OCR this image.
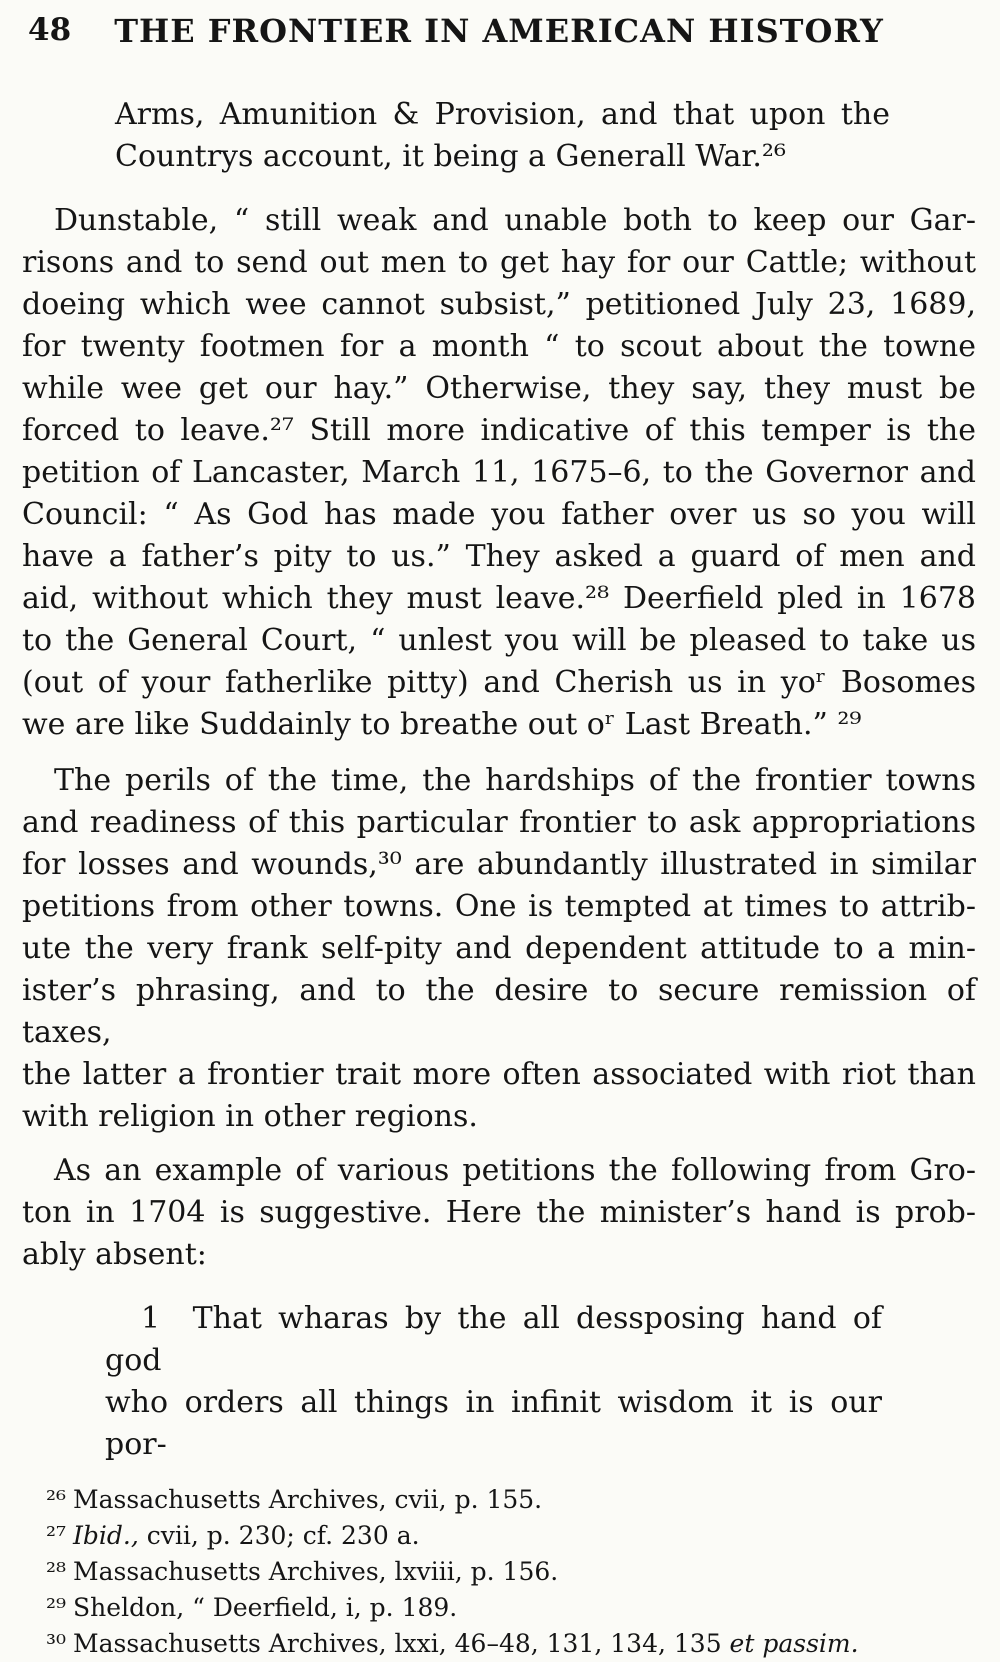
48	THE FRONTIER IN AMERICAN HISTORY
Arms, Amunition & Provision, and that upon the
Countrys account, it being a Generall War.²⁶

Dunstable, “ still weak and unable both to keep our Gar-
risons and to send out men to get hay for our Cattle; without
doeing which wee cannot subsist,” petitioned July 23, 1689,
for twenty footmen for a month “ to scout about the towne
while wee get our hay.” Otherwise, they say, they must be
forced to leave.²⁷ Still more indicative of this temper is the
petition of Lancaster, March 11, 1675–6, to the Governor and
Council: “ As God has made you father over us so you will
have a father’s pity to us.” They asked a guard of men and
aid, without which they must leave.²⁸ Deerfield pled in 1678
to the General Court, “ unlest you will be pleased to take us
(out of your fatherlike pitty) and Cherish us in yoʳ Bosomes
we are like Suddainly to breathe out oʳ Last Breath.” ²⁹

The perils of the time, the hardships of the frontier towns
and readiness of this particular frontier to ask appropriations
for losses and wounds,³⁰ are abundantly illustrated in similar
petitions from other towns. One is tempted at times to attrib-
ute the very frank self-pity and dependent attitude to a min-
ister’s phrasing, and to the desire to secure remission of taxes,
the latter a frontier trait more often associated with riot than
with religion in other regions.

As an example of various petitions the following from Gro-
ton in 1704 is suggestive. Here the minister’s hand is prob-
ably absent:

1  That wharas by the all dessposing hand of god
who orders all things in infinit wisdom it is our por-
²⁶ Massachusetts Archives, cvii, p. 155.
²⁷ Ibid., cvii, p. 230; cf. 230 a.
²⁸ Massachusetts Archives, lxviii, p. 156.
²⁹ Sheldon, “ Deerfield, i, p. 189.
³⁰ Massachusetts Archives, lxxi, 46–48, 131, 134, 135 et passim.
